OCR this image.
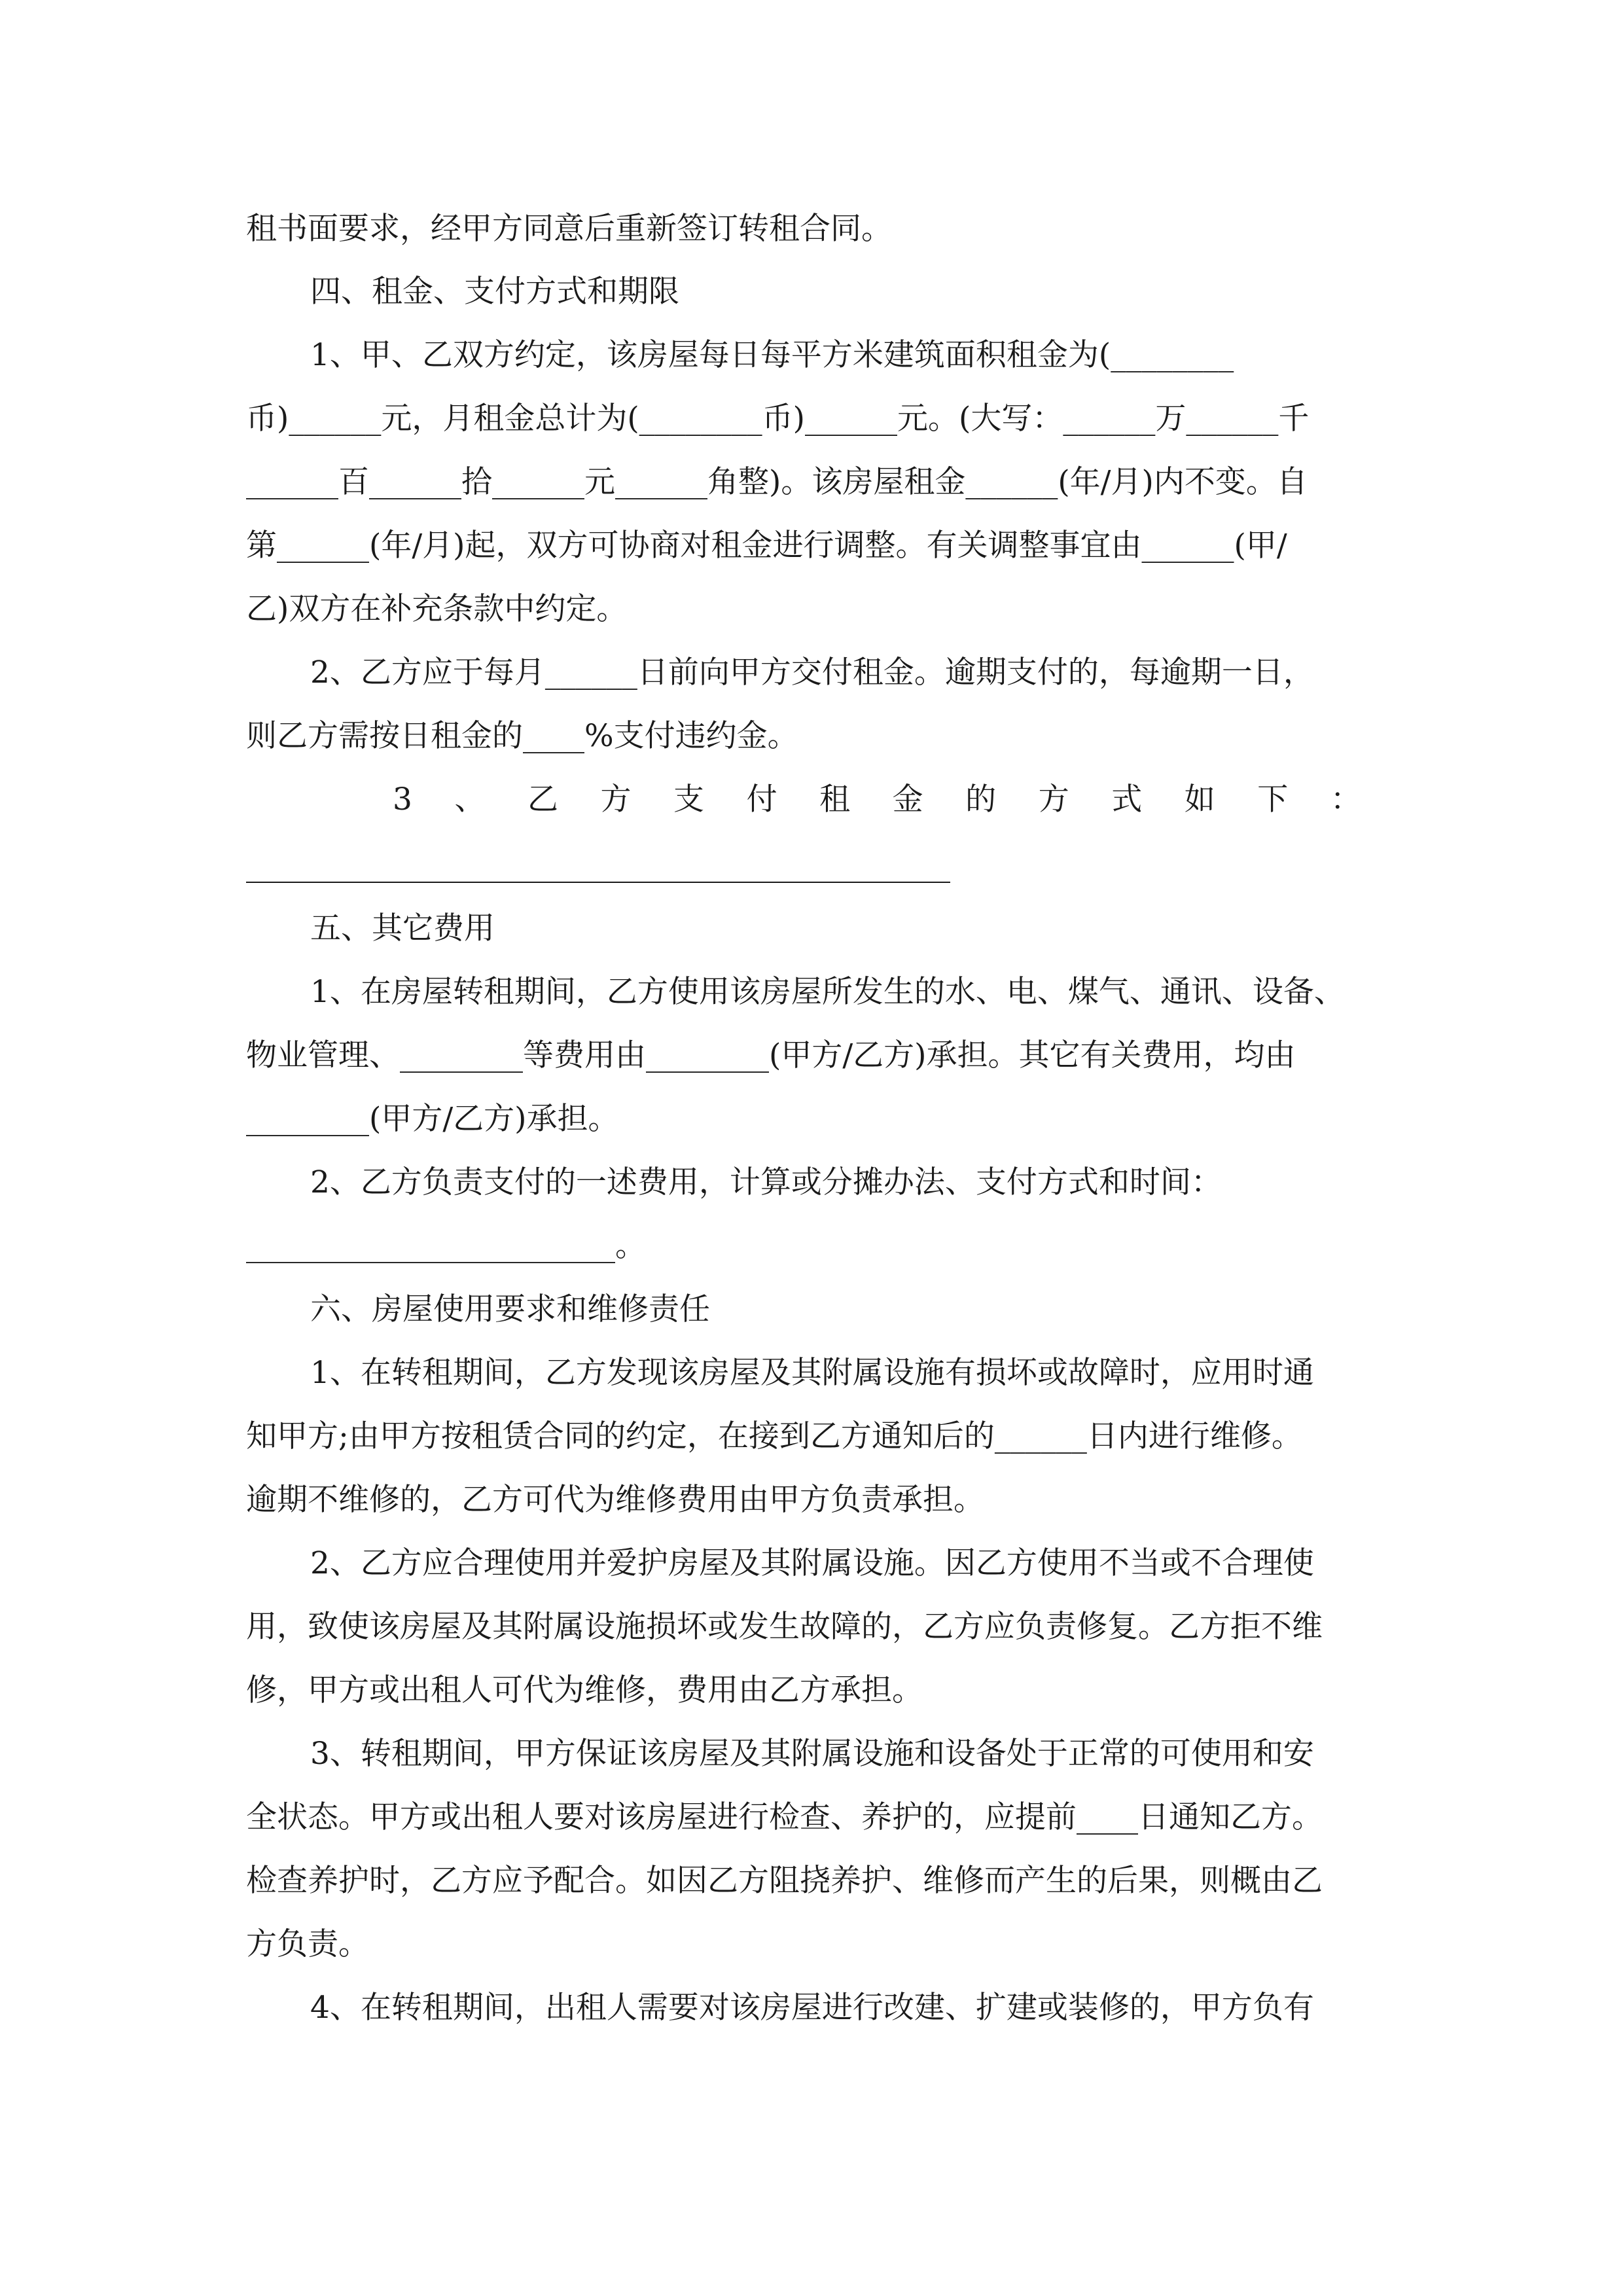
租书面要求，经甲方同意后重新签订转租合同。
四、租金、支付方式和期限
1、甲、乙双方约定，该房屋每日每平方米建筑面积租金为(________
币)______元，月租金总计为(________币)______元。(大写：______万______千
______百______拾______元______角整)。该房屋租金______(年/月)内不变。自
第______(年/月)起，双方可协商对租金进行调整。有关调整事宜由______(甲/
乙)双方在补充条款中约定。
2、乙方应于每月______日前向甲方交付租金。逾期支付的，每逾期一日，
则乙方需按日租金的____%支付违约金。
3 、 乙 方 支 付 租 金 的 方 式 如 下 ：
五、其它费用
1、在房屋转租期间，乙方使用该房屋所发生的水、电、煤气、通讯、设备、
物业管理、________等费用由________(甲方/乙方)承担。其它有关费用，均由
________(甲方/乙方)承担。
2、乙方负责支付的一述费用，计算或分摊办法、支付方式和时间：
________________________。
六、房屋使用要求和维修责任
1、在转租期间，乙方发现该房屋及其附属设施有损坏或故障时，应用时通
知甲方;由甲方按租赁合同的约定，在接到乙方通知后的______日内进行维修。
逾期不维修的，乙方可代为维修费用由甲方负责承担。
2、乙方应合理使用并爱护房屋及其附属设施。因乙方使用不当或不合理使
用，致使该房屋及其附属设施损坏或发生故障的，乙方应负责修复。乙方拒不维
修，甲方或出租人可代为维修，费用由乙方承担。
3、转租期间，甲方保证该房屋及其附属设施和设备处于正常的可使用和安
全状态。甲方或出租人要对该房屋进行检查、养护的，应提前____日通知乙方。
检查养护时，乙方应予配合。如因乙方阻挠养护、维修而产生的后果，则概由乙
方负责。
4、在转租期间，出租人需要对该房屋进行改建、扩建或装修的，甲方负有
